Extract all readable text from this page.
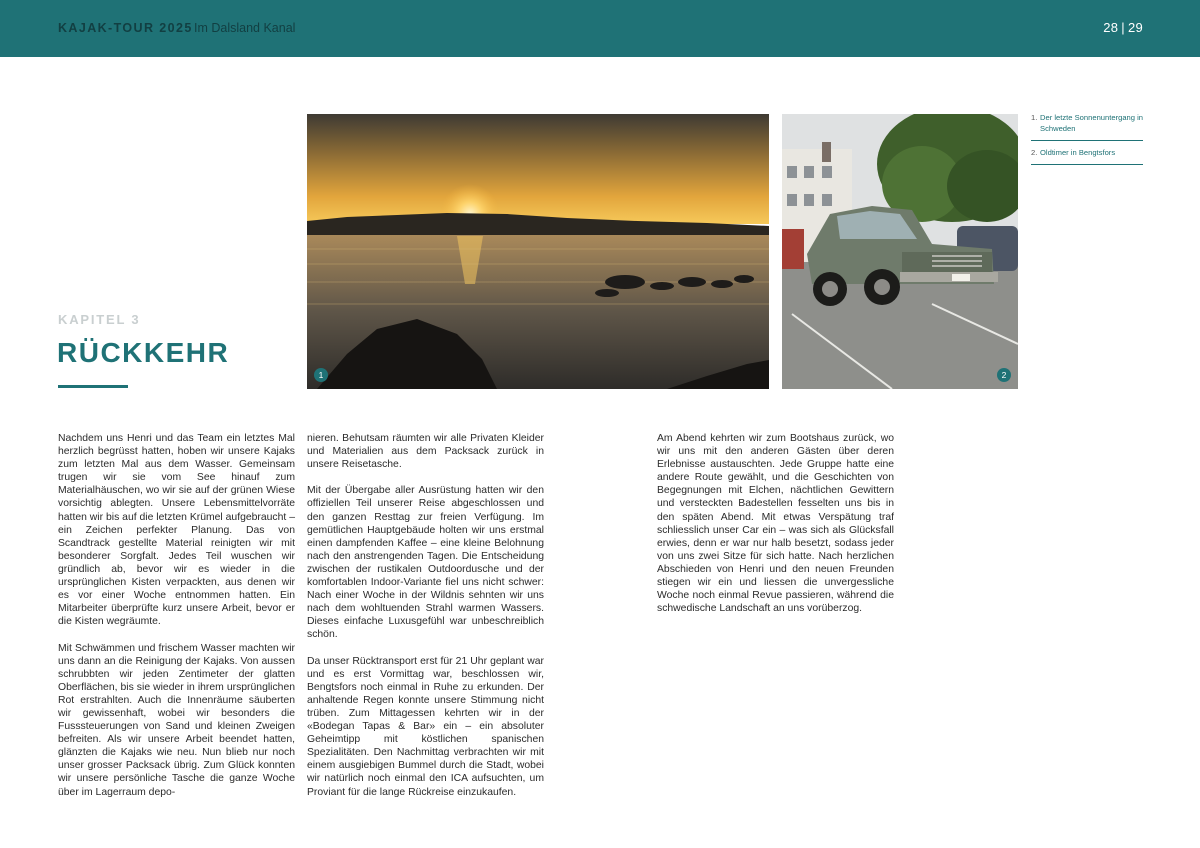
KAJAK-TOUR 2025 Im Dalsland Kanal	28 | 29
KAPITEL 3
RÜCKKEHR
1	2
1. Der letzte Sonnenuntergang in Schweden
2. Oldtimer in Bengtsfors

Nachdem uns Henri und das Team ein letztes Mal herzlich begrüsst hatten, hoben wir unsere Kajaks zum letzten Mal aus dem Wasser. Gemeinsam trugen wir sie vom See hinauf zum Materialhäuschen, wo wir sie auf der grünen Wiese vorsichtig ablegten. Unsere Lebensmittelvorräte hatten wir bis auf die letzten Krümel aufgebraucht – ein Zeichen perfekter Planung. Das von Scandtrack gestellte Material reinigten wir mit besonderer Sorgfalt. Jedes Teil wuschen wir gründlich ab, bevor wir es wieder in die ursprünglichen Kisten verpackten, aus denen wir es vor einer Woche entnommen hatten. Ein Mitarbeiter überprüfte kurz unsere Arbeit, bevor er die Kisten wegräumte.

Mit Schwämmen und frischem Wasser machten wir uns dann an die Reinigung der Kajaks. Von aussen schrubbten wir jeden Zentimeter der glatten Oberflächen, bis sie wieder in ihrem ursprünglichen Rot erstrahlten. Auch die Innenräume säuberten wir gewissenhaft, wobei wir besonders die Fusssteuerungen von Sand und kleinen Zweigen befreiten. Als wir unsere Arbeit beendet hatten, glänzten die Kajaks wie neu. Nun blieb nur noch unser grosser Packsack übrig. Zum Glück konnten wir unsere persönliche Tasche die ganze Woche über im Lagerraum depo-

nieren. Behutsam räumten wir alle Privaten Kleider und Materialien aus dem Packsack zurück in unsere Reisetasche.

Mit der Übergabe aller Ausrüstung hatten wir den offiziellen Teil unserer Reise abgeschlossen und den ganzen Resttag zur freien Verfügung. Im gemütlichen Hauptgebäude holten wir uns erstmal einen dampfenden Kaffee – eine kleine Belohnung nach den anstrengenden Tagen. Die Entscheidung zwischen der rustikalen Outdoordusche und der komfortablen Indoor-Variante fiel uns nicht schwer: Nach einer Woche in der Wildnis sehnten wir uns nach dem wohltuenden Strahl warmen Wassers. Dieses einfache Luxusgefühl war unbeschreiblich schön.

Da unser Rücktransport erst für 21 Uhr geplant war und es erst Vormittag war, beschlossen wir, Bengtsfors noch einmal in Ruhe zu erkunden. Der anhaltende Regen konnte unsere Stimmung nicht trüben. Zum Mittagessen kehrten wir in der «Bodegan Tapas & Bar» ein – ein absoluter Geheimtipp mit köstlichen spanischen Spezialitäten. Den Nachmittag verbrachten wir mit einem ausgiebigen Bummel durch die Stadt, wobei wir natürlich noch einmal den ICA aufsuchten, um Proviant für die lange Rückreise einzukaufen.

Am Abend kehrten wir zum Bootshaus zurück, wo wir uns mit den anderen Gästen über deren Erlebnisse austauschten. Jede Gruppe hatte eine andere Route gewählt, und die Geschichten von Begegnungen mit Elchen, nächtlichen Gewittern und versteckten Badestellen fesselten uns bis in den späten Abend. Mit etwas Verspätung traf schliesslich unser Car ein – was sich als Glücksfall erwies, denn er war nur halb besetzt, sodass jeder von uns zwei Sitze für sich hatte. Nach herzlichen Abschieden von Henri und den neuen Freunden stiegen wir ein und liessen die unvergessliche Woche noch einmal Revue passieren, während die schwedische Landschaft an uns vorüberzog.
